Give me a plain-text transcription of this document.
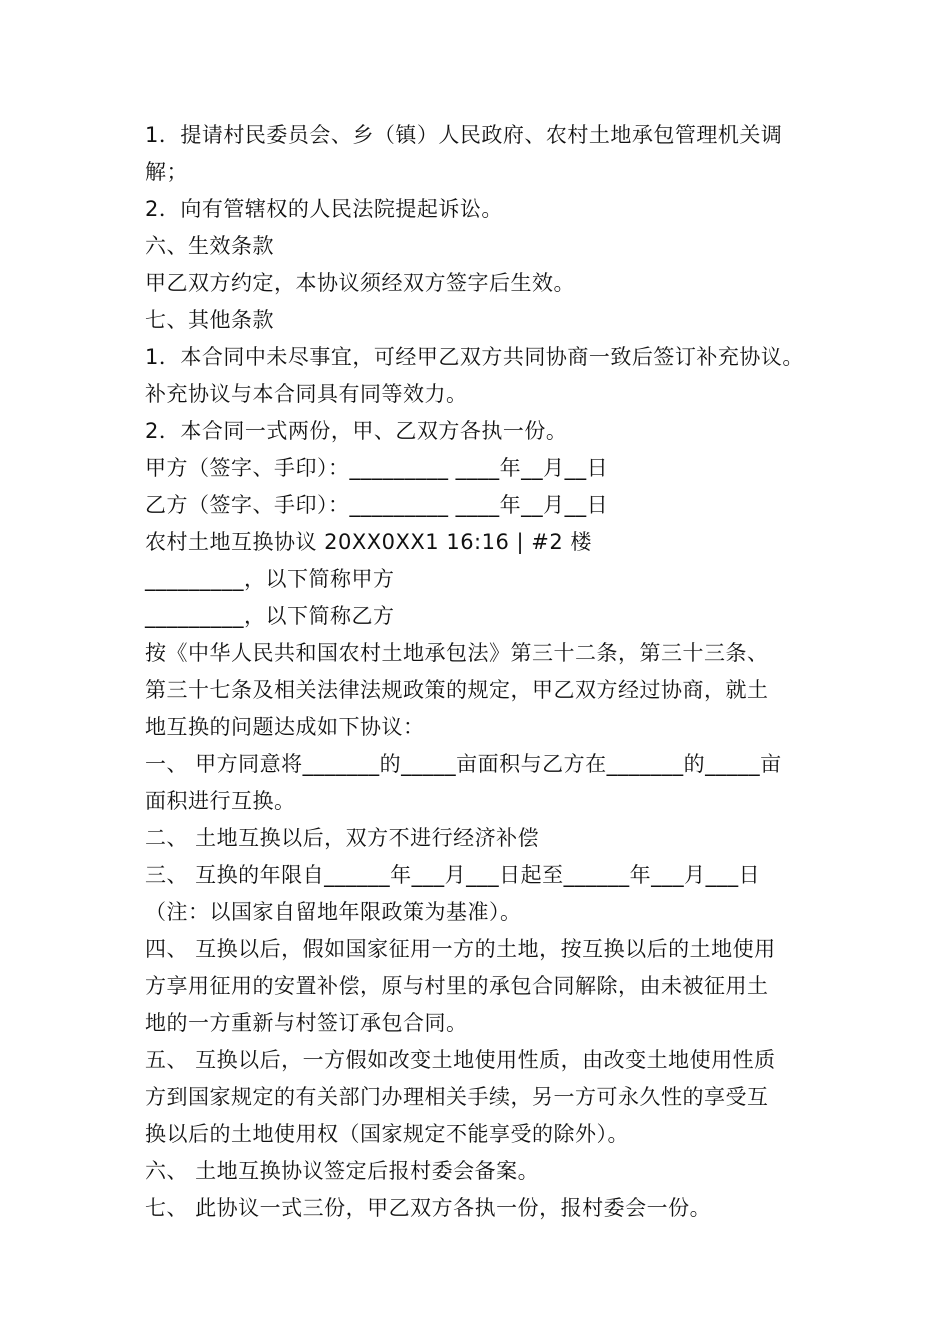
1．提请村民委员会、乡（镇）人民政府、农村土地承包管理机关调
解；
2．向有管辖权的人民法院提起诉讼。
六、生效条款
甲乙双方约定，本协议须经双方签字后生效。
七、其他条款
1．本合同中未尽事宜，可经甲乙双方共同协商一致后签订补充协议。
补充协议与本合同具有同等效力。
2．本合同一式两份，甲、乙双方各执一份。
甲方（签字、手印）：_________ ____年__月__日
乙方（签字、手印）：_________ ____年__月__日
农村土地互换协议 20XX0XX1 16:16 | #2 楼
_________，以下简称甲方
_________，以下简称乙方
按《中华人民共和国农村土地承包法》第三十二条，第三十三条、
第三十七条及相关法律法规政策的规定，甲乙双方经过协商，就土
地互换的问题达成如下协议：
一、 甲方同意将_______的_____亩面积与乙方在_______的_____亩
面积进行互换。
二、 土地互换以后，双方不进行经济补偿
三、 互换的年限自______年___月___日起至______年___月___日
（注：以国家自留地年限政策为基准）。
四、 互换以后，假如国家征用一方的土地，按互换以后的土地使用
方享用征用的安置补偿，原与村里的承包合同解除，由未被征用土
地的一方重新与村签订承包合同。
五、 互换以后，一方假如改变土地使用性质，由改变土地使用性质
方到国家规定的有关部门办理相关手续，另一方可永久性的享受互
换以后的土地使用权（国家规定不能享受的除外）。
六、 土地互换协议签定后报村委会备案。
七、 此协议一式三份，甲乙双方各执一份，报村委会一份。
